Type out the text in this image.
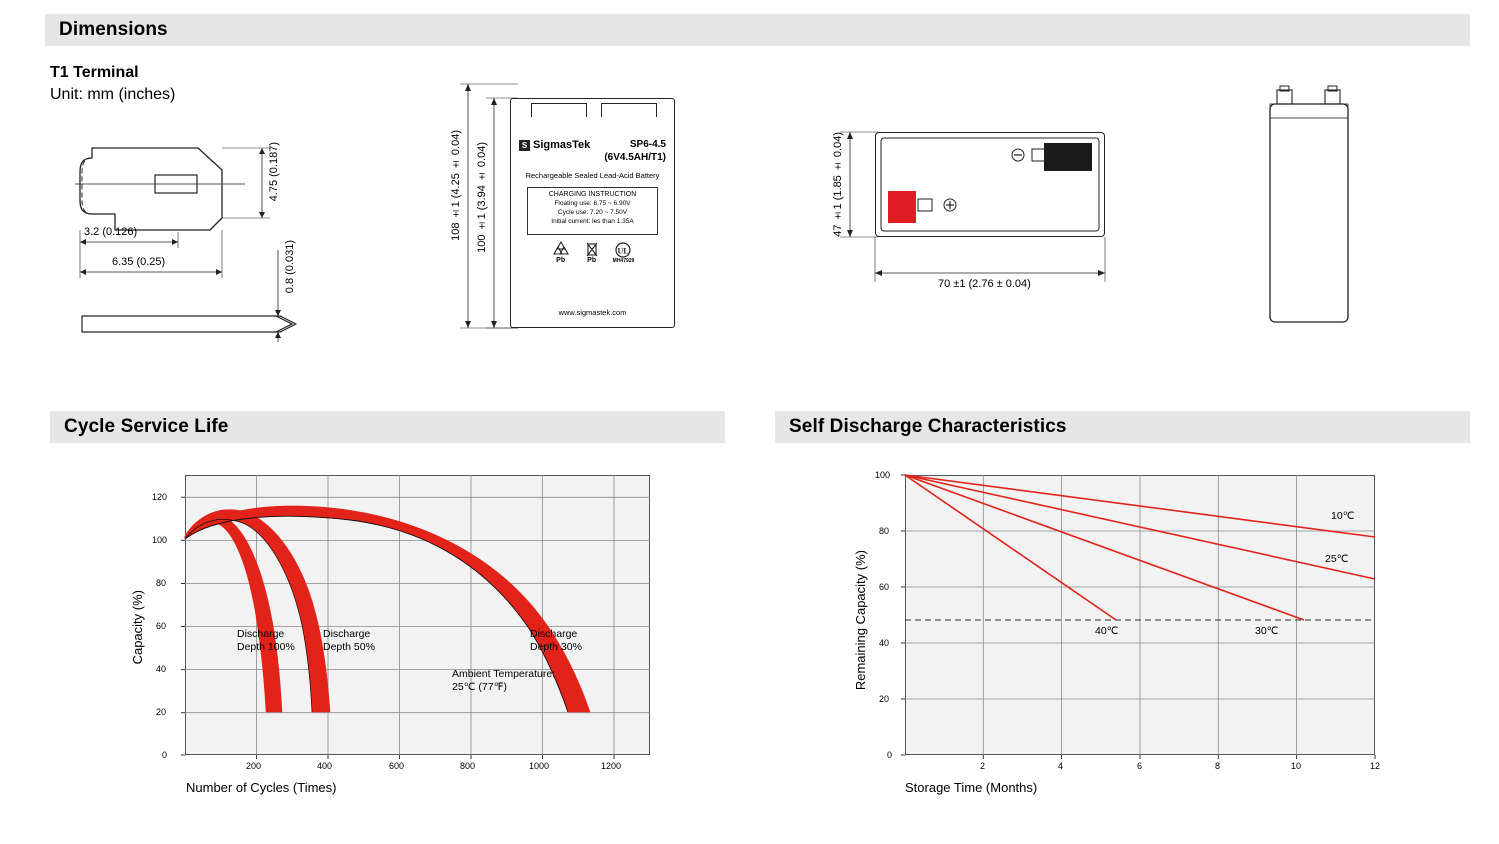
Dimensions
T1 Terminal
Unit: mm (inches)
4.75 (0.187)
3.2 (0.126)
6.35 (0.25)	0.8 (0.031)
108 ±1 (4.25 ± 0.04) 100 ±1 (3.94 ± 0.04)	S SigmasTek	SP6-4.5
(6V4.5AH/T1)
Rechargeable Sealed Lead-Acid Battery
CHARGING INSTRUCTION
Floating use: 6.75 ~ 6.90V
Cycle use: 7.20 ~ 7.50V
Initial current: les than 1.35A
Pb	Pb
UL
MH47929
www.sigmastek.com
47 ±1 (1.85 ± 0.04)
70 ±1 (2.76 ± 0.04)
Cycle Service Life
0
20
40
60
80
100
120
200	400	600	800	1000	1200
Discharge
Depth 100%
Discharge
Depth 50%
Discharge
Depth 30%
Ambient Temperature:
25℃ (77℉)
Capacity (%)
Number of Cycles (Times)
Self Discharge Characteristics
0
20
40
60
80
100
2	4	6	8	10	12
10℃
25℃
40℃	30℃
Remaining Capacity (%)
Storage Time (Months)
